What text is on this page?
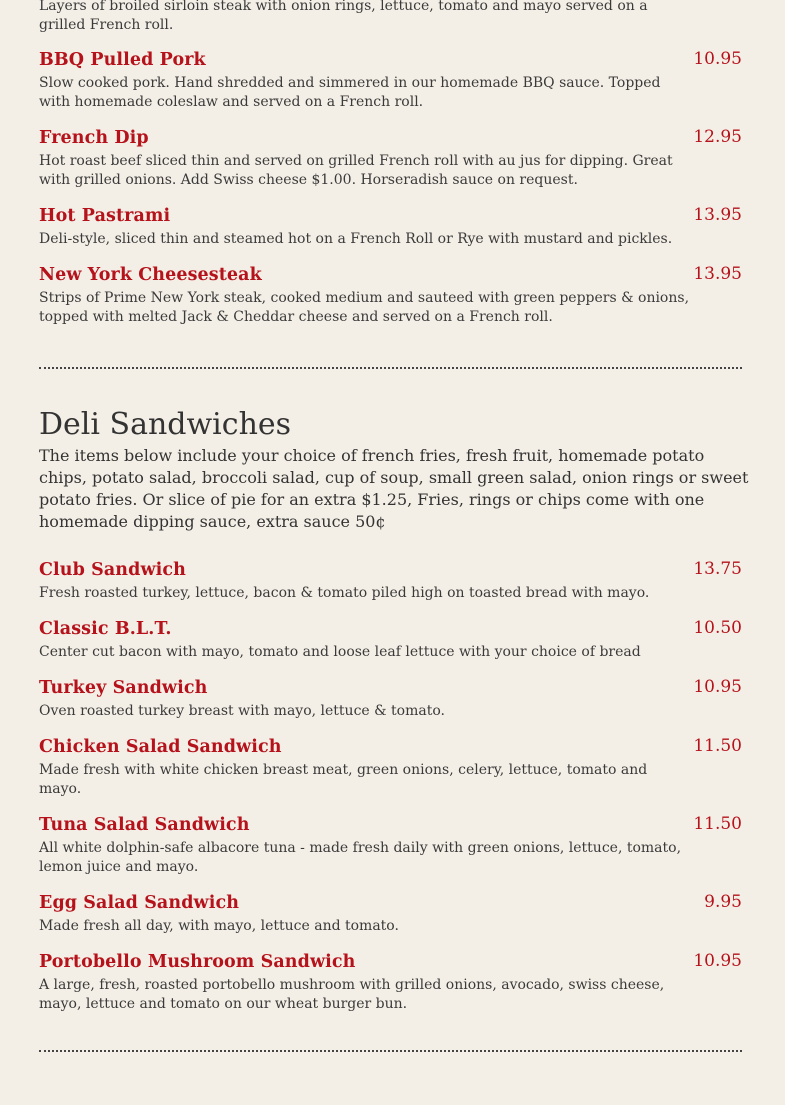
Layers of broiled sirloin steak with onion rings, lettuce, tomato and mayo served on a grilled French roll.
BBQ Pulled Pork	10.95
Slow cooked pork. Hand shredded and simmered in our homemade BBQ sauce. Topped with homemade coleslaw and served on a French roll.
French Dip	12.95
Hot roast beef sliced thin and served on grilled French roll with au jus for dipping. Great with grilled onions. Add Swiss cheese $1.00. Horseradish sauce on request.
Hot Pastrami	13.95
Deli-style, sliced thin and steamed hot on a French Roll or Rye with mustard and pickles.
New York Cheesesteak	13.95
Strips of Prime New York steak, cooked medium and sauteed with green peppers & onions, topped with melted Jack & Cheddar cheese and served on a French roll.
Deli Sandwiches
The items below include your choice of french fries, fresh fruit, homemade potato chips, potato salad, broccoli salad, cup of soup, small green salad, onion rings or sweet potato fries. Or slice of pie for an extra $1.25, Fries, rings or chips come with one homemade dipping sauce, extra sauce 50¢
Club Sandwich	13.75
Fresh roasted turkey, lettuce, bacon & tomato piled high on toasted bread with mayo.
Classic B.L.T.	10.50
Center cut bacon with mayo, tomato and loose leaf lettuce with your choice of bread
Turkey Sandwich	10.95
Oven roasted turkey breast with mayo, lettuce & tomato.
Chicken Salad Sandwich	11.50
Made fresh with white chicken breast meat, green onions, celery, lettuce, tomato and mayo.
Tuna Salad Sandwich	11.50
All white dolphin-safe albacore tuna - made fresh daily with green onions, lettuce, tomato, lemon juice and mayo.
Egg Salad Sandwich	9.95
Made fresh all day, with mayo, lettuce and tomato.
Portobello Mushroom Sandwich	10.95
A large, fresh, roasted portobello mushroom with grilled onions, avocado, swiss cheese, mayo, lettuce and tomato on our wheat burger bun.
